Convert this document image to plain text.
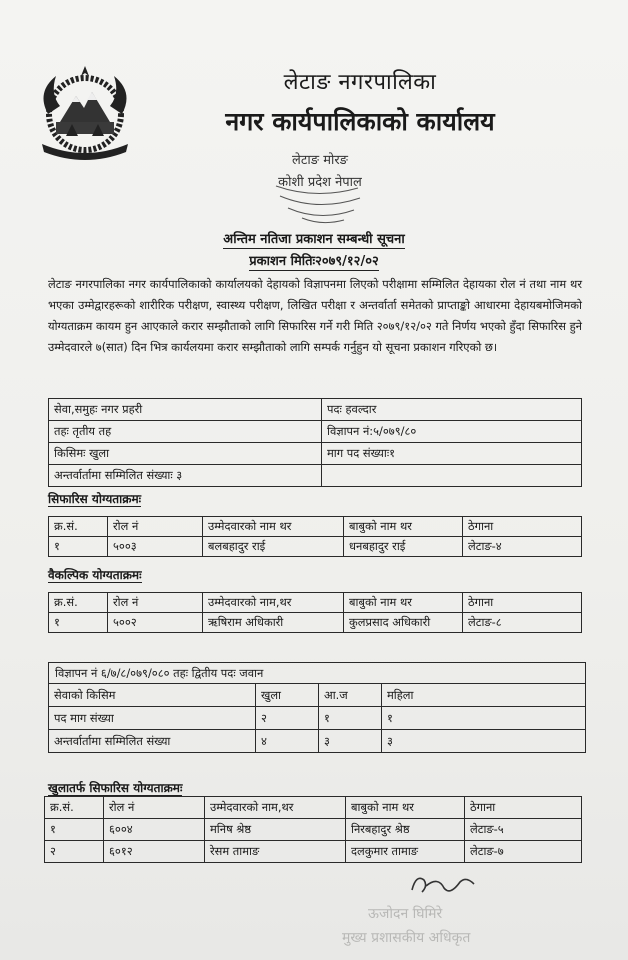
लेटाङ नगरपालिका
नगर कार्यपालिकाको कार्यालय
लेटाङ मोरङ
कोशी प्रदेश नेपाल
अन्तिम नतिजा प्रकाशन सम्बन्धी सूचना
प्रकाशन मितिः२०७९/१२/०२
लेटाङ नगरपालिका नगर कार्यपालिकाको कार्यालयको देहायको विज्ञापनमा लिएको परीक्षामा सम्मिलित देहायका रोल नं तथा नाम थर भएका उम्मेद्वारहरूको शारीरिक परीक्षण, स्वास्थ्य परीक्षण, लिखित परीक्षा र अन्तर्वार्ता समेतको प्राप्ताङ्को आधारमा देहायबमोजिमको योग्यताक्रम कायम हुन आएकाले करार सम्झौताको लागि सिफारिस गर्ने गरी मिति २०७९/१२/०२ गते निर्णय भएको हुँदा सिफारिस हुने उम्मेदवारले ७(सात) दिन भित्र कार्यलयमा करार सम्झौताको लागि सम्पर्क गर्नुहुन यो सूचना प्रकाशन गरिएको छ।
सेवा,समुहः नगर प्रहरी	पदः हवल्दार
तहः तृतीय तह	विज्ञापन नं:५/०७९/८०
किसिमः खुला	माग पद संख्याः१
अन्तर्वार्तामा सम्मिलित संख्याः ३	
सिफारिस योग्यताक्रमः
क्र.सं.	रोल नं	उम्मेदवारको नाम थर	बाबुको नाम थर	ठेगाना
१	५००३	बलबहादुर राई	धनबहादुर राई	लेटाङ-४
वैकल्पिक योग्यताक्रमः
क्र.सं.	रोल नं	उम्मेदवारको नाम,थर	बाबुको नाम थर	ठेगाना
१	५००२	ऋषिराम अधिकारी	कुलप्रसाद अधिकारी	लेटाङ-८
विज्ञापन नं ६/७/८/०७९/०८० तहः द्वितीय पदः जवान
सेवाको किसिम	खुला	आ.ज	महिला
पद माग संख्या	२	१	१
अन्तर्वार्तामा सम्मिलित संख्या	४	३	३
खुलातर्फ सिफारिस योग्यताक्रमः
क्र.सं.	रोल नं	उम्मेदवारको नाम,थर	बाबुको नाम थर	ठेगाना
१	६००४	मनिष श्रेष्ठ	निरबहादुर श्रेष्ठ	लेटाङ-५
२	६०१२	रेसम तामाङ	दलकुमार तामाङ	लेटाङ-७
ऊजोदन घिमिरे
मुख्य प्रशासकीय अधिकृत
